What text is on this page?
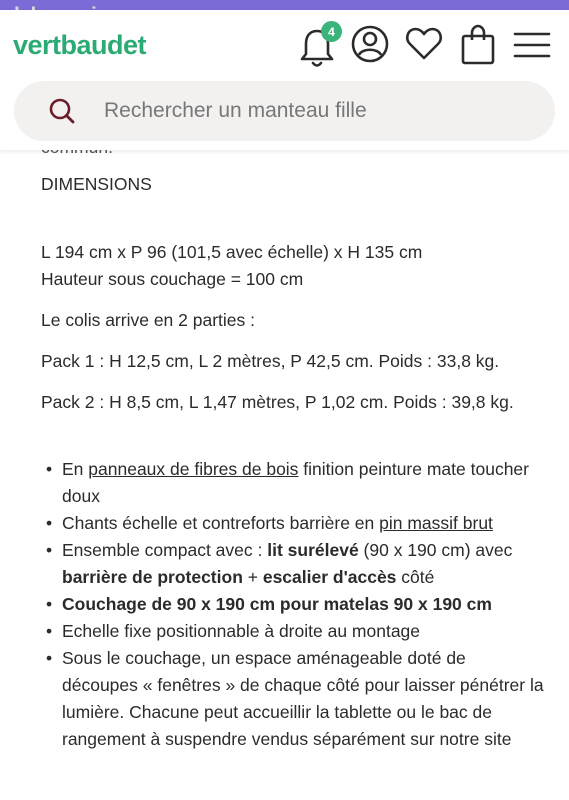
DIMENSIONS
L 194 cm x P 96 (101,5 avec échelle) x H 135 cm
Hauteur sous couchage = 100 cm
Le colis arrive en 2 parties :
Pack 1 : H 12,5 cm, L 2 mètres, P 42,5 cm. Poids : 33,8 kg.
Pack 2 : H 8,5 cm, L 1,47 mètres, P 1,02 cm. Poids : 39,8 kg.
• En panneaux de fibres de bois finition peinture mate toucher doux
• Chants échelle et contreforts barrière en pin massif brut
• Ensemble compact avec : lit surélevé (90 x 190 cm) avec barrière de protection + escalier d'accès côté
• Couchage de 90 x 190 cm pour matelas 90 x 190 cm
• Echelle fixe positionnable à droite au montage
• Sous le couchage, un espace aménageable doté de découpes « fenêtres » de chaque côté pour laisser pénétrer la lumière. Chacune peut accueillir la tablette ou le bac de rangement à suspendre vendus séparément sur notre site
vertbaudet	4
Rechercher un manteau fille
